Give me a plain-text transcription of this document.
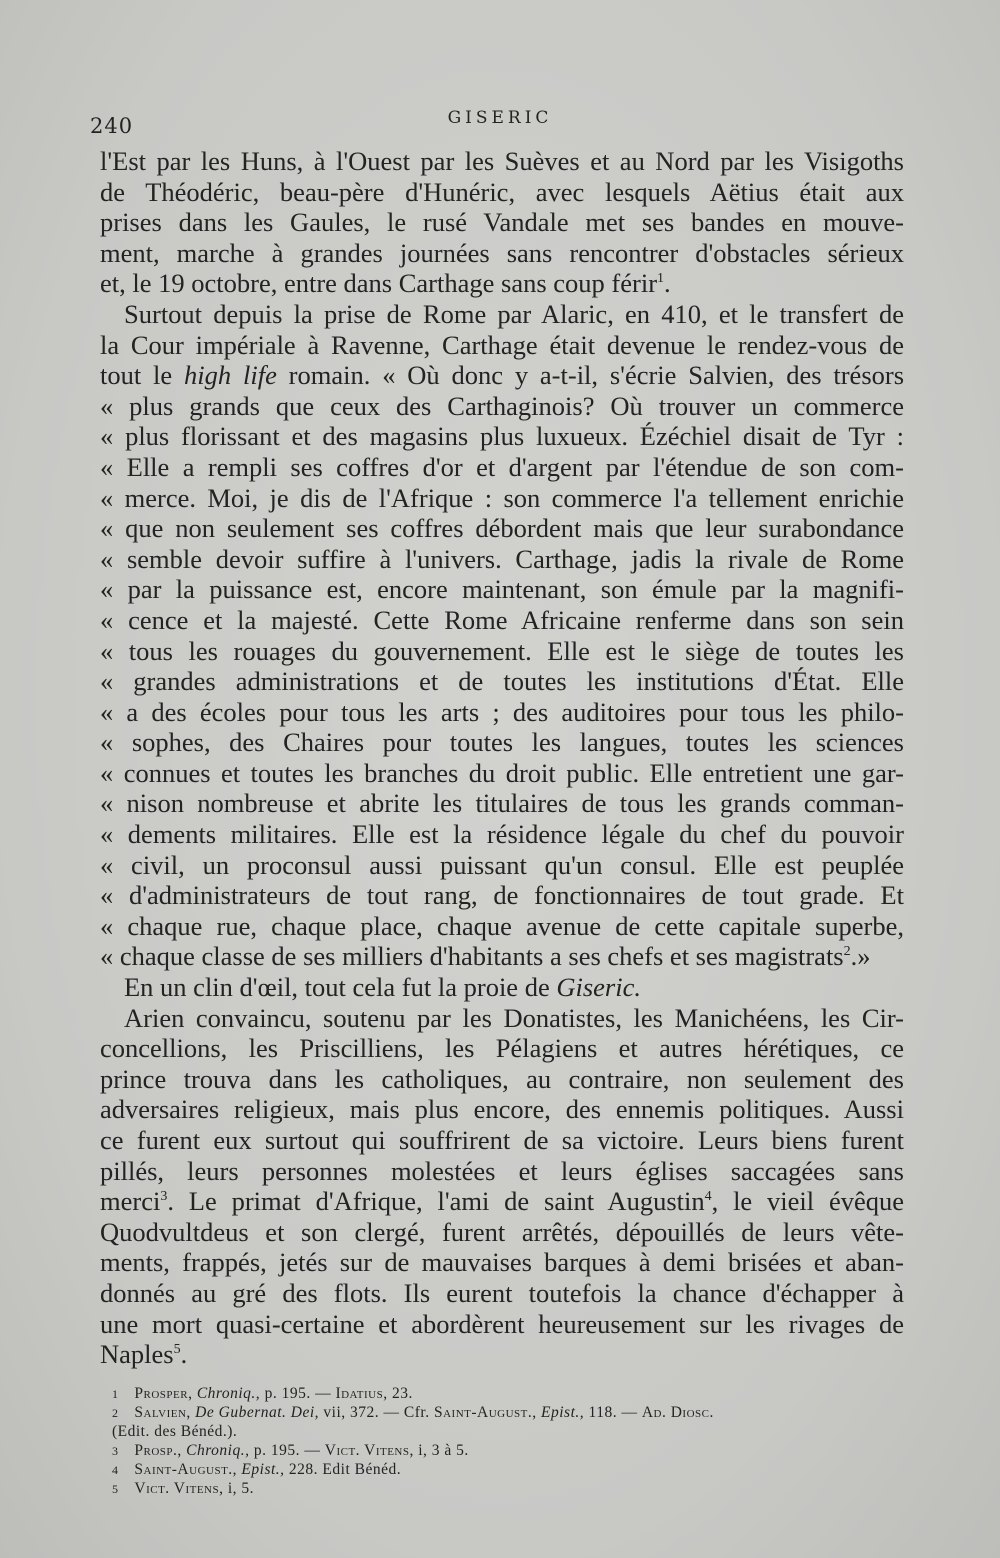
240	GISERIC
l'Est par les Huns, à l'Ouest par les Suèves et au Nord par les Visigoths
de Théodéric, beau-père d'Hunéric, avec lesquels Aëtius était aux
prises dans les Gaules, le rusé Vandale met ses bandes en mouve-
ment, marche à grandes journées sans rencontrer d'obstacles sérieux
et, le 19 octobre, entre dans Carthage sans coup férir$^1$.
Surtout depuis la prise de Rome par Alaric, en 410, et le transfert de
la Cour impériale à Ravenne, Carthage était devenue le rendez-vous de
tout le high life romain. « Où donc y a-t-il, s'écrie Salvien, des trésors
« plus grands que ceux des Carthaginois? Où trouver un commerce
« plus florissant et des magasins plus luxueux. Ézéchiel disait de Tyr :
« Elle a rempli ses coffres d'or et d'argent par l'étendue de son com-
« merce. Moi, je dis de l'Afrique : son commerce l'a tellement enrichie
« que non seulement ses coffres débordent mais que leur surabondance
« semble devoir suffire à l'univers. Carthage, jadis la rivale de Rome
« par la puissance est, encore maintenant, son émule par la magnifi-
« cence et la majesté. Cette Rome Africaine renferme dans son sein
« tous les rouages du gouvernement. Elle est le siège de toutes les
« grandes administrations et de toutes les institutions d'État. Elle
« a des écoles pour tous les arts ; des auditoires pour tous les philo-
« sophes, des Chaires pour toutes les langues, toutes les sciences
« connues et toutes les branches du droit public. Elle entretient une gar-
« nison nombreuse et abrite les titulaires de tous les grands comman-
« dements militaires. Elle est la résidence légale du chef du pouvoir
« civil, un proconsul aussi puissant qu'un consul. Elle est peuplée
« d'administrateurs de tout rang, de fonctionnaires de tout grade. Et
« chaque rue, chaque place, chaque avenue de cette capitale superbe,
« chaque classe de ses milliers d'habitants a ses chefs et ses magistrats$^2$.»
En un clin d'œil, tout cela fut la proie de Giseric.
Arien convaincu, soutenu par les Donatistes, les Manichéens, les Cir-
concellions, les Priscilliens, les Pélagiens et autres hérétiques, ce
prince trouva dans les catholiques, au contraire, non seulement des
adversaires religieux, mais plus encore, des ennemis politiques. Aussi
ce furent eux surtout qui souffrirent de sa victoire. Leurs biens furent
pillés, leurs personnes molestées et leurs églises saccagées sans
merci$^3$. Le primat d'Afrique, l'ami de saint Augustin$^4$, le vieil évêque
Quodvultdeus et son clergé, furent arrêtés, dépouillés de leurs vête-
ments, frappés, jetés sur de mauvaises barques à demi brisées et aban-
donnés au gré des flots. Ils eurent toutefois la chance d'échapper à
une mort quasi-certaine et abordèrent heureusement sur les rivages de
Naples$^5$.
1 Prosper, Chroniq., p. 195. — Idatius, 23.
2 Salvien, De Gubernat. Dei, vii, 372. — Cfr. Saint-August., Epist., 118. — Ad. Diosc.
(Edit. des Bénéd.).
3 Prosp., Chroniq., p. 195. — Vict. Vitens, i, 3 à 5.
4 Saint-August., Epist., 228. Edit Bénéd.
5 Vict. Vitens, i, 5.
